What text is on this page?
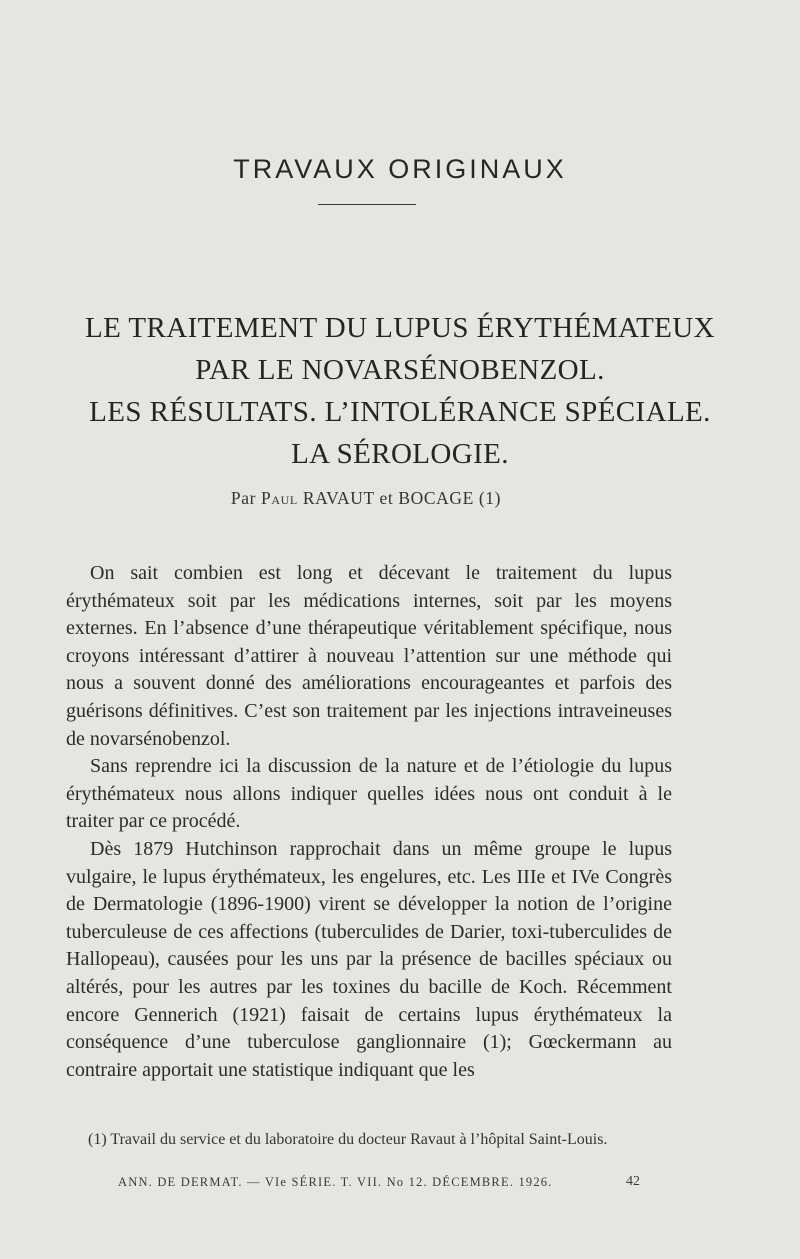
TRAVAUX ORIGINAUX
LE TRAITEMENT DU LUPUS ÉRYTHÉMATEUX
PAR LE NOVARSÉNOBENZOL.
LES RÉSULTATS. L’INTOLÉRANCE SPÉCIALE.
LA SÉROLOGIE.
Par Paul RAVAUT et BOCAGE (1)

On sait combien est long et décevant le traitement du lupus érythémateux soit par les médications internes, soit par les moyens externes. En l’absence d’une thérapeutique véritablement spécifique, nous croyons intéressant d’attirer à nouveau l’attention sur une méthode qui nous a souvent donné des améliorations encourageantes et parfois des guérisons définitives. C’est son traitement par les injections intraveineuses de novarsénobenzol.

Sans reprendre ici la discussion de la nature et de l’étiologie du lupus érythémateux nous allons indiquer quelles idées nous ont conduit à le traiter par ce procédé.

Dès 1879 Hutchinson rapprochait dans un même groupe le lupus vulgaire, le lupus érythémateux, les engelures, etc. Les IIIe et IVe Congrès de Dermatologie (1896-1900) virent se développer la notion de l’origine tuberculeuse de ces affections (tuberculides de Darier, toxi-tuberculides de Hallopeau), causées pour les uns par la présence de bacilles spéciaux ou altérés, pour les autres par les toxines du bacille de Koch. Récemment encore Gennerich (1921) faisait de certains lupus érythémateux la conséquence d’une tuberculose ganglionnaire (1); Gœckermann au contraire apportait une statistique indiquant que les

(1) Travail du service et du laboratoire du docteur Ravaut à l’hôpital Saint-Louis.

ANN. DE DERMAT. — VIe SÉRIE. T. VII. No 12. DÉCEMBRE. 1926.	42
